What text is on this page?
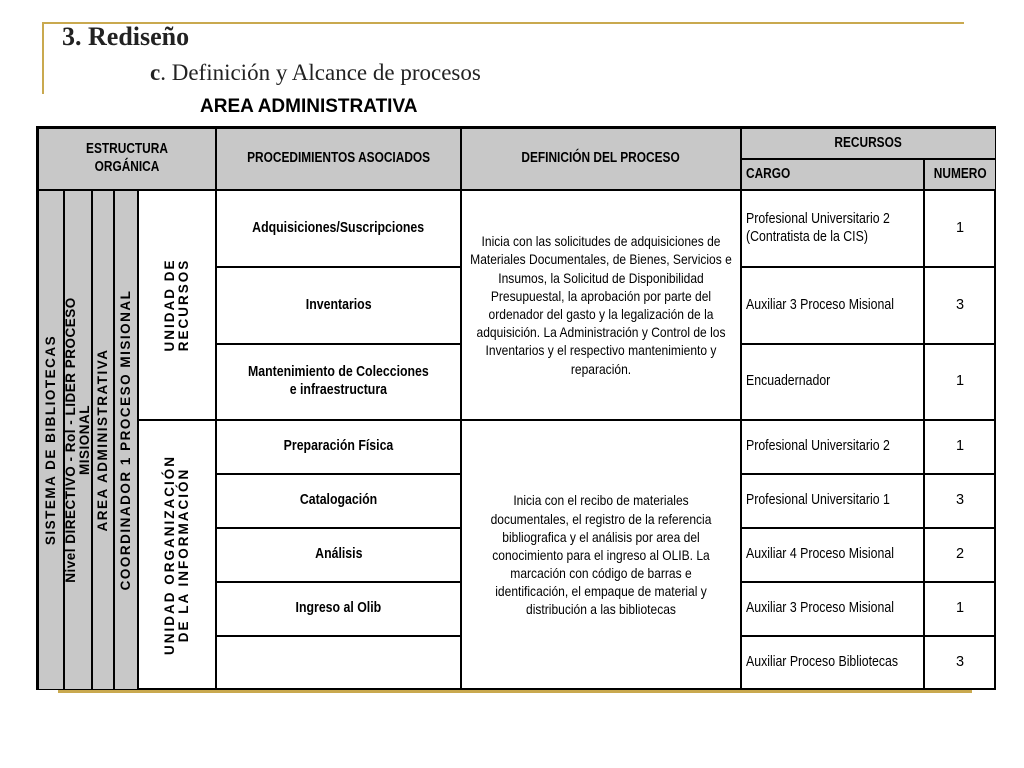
3. Rediseño
c. Definición y Alcance de procesos
AREA ADMINISTRATIVA
ESTRUCTURA ORGÁNICA
PROCEDIMIENTOS ASOCIADOS	DEFINICIÓN DEL PROCESO
RECURSOS
CARGO	NUMERO
SISTEMA DE BIBLIOTECAS Nivel DIRECTIVO - Rol - LIDER PROCESO MISIONAL AREA ADMINISTRATIVA COORDINADOR 1 PROCESO MISIONAL UNIDAD DE RECURSOS
UNIDAD ORGANIZACIÓN DE LA INFORMACIÓN
Adquisiciones/Suscripciones
Inventarios
Mantenimiento de Colecciones
e infraestructura
Inicia con las solicitudes de adquisiciones de Materiales Documentales, de Bienes, Servicios e Insumos, la Solicitud de Disponibilidad Presupuestal, la aprobación por parte del ordenador del gasto y la legalización de la adquisición. La Administración y Control de los Inventarios y el respectivo mantenimiento y reparación.
Profesional Universitario 2
(Contratista de la CIS)
Auxiliar 3 Proceso Misional
Encuadernador
1
3
1
Preparación Física
Catalogación
Análisis
Ingreso al Olib
Inicia con el recibo de materiales documentales, el registro de la referencia bibliografica y el análisis por area del conocimiento para el ingreso al OLIB. La marcación con código de barras e identificación, el empaque de material y distribución a las bibliotecas
Profesional Universitario 2
Profesional Universitario 1
Auxiliar 4 Proceso Misional
Auxiliar 3 Proceso Misional
Auxiliar Proceso Bibliotecas
1
3
2
1
3
